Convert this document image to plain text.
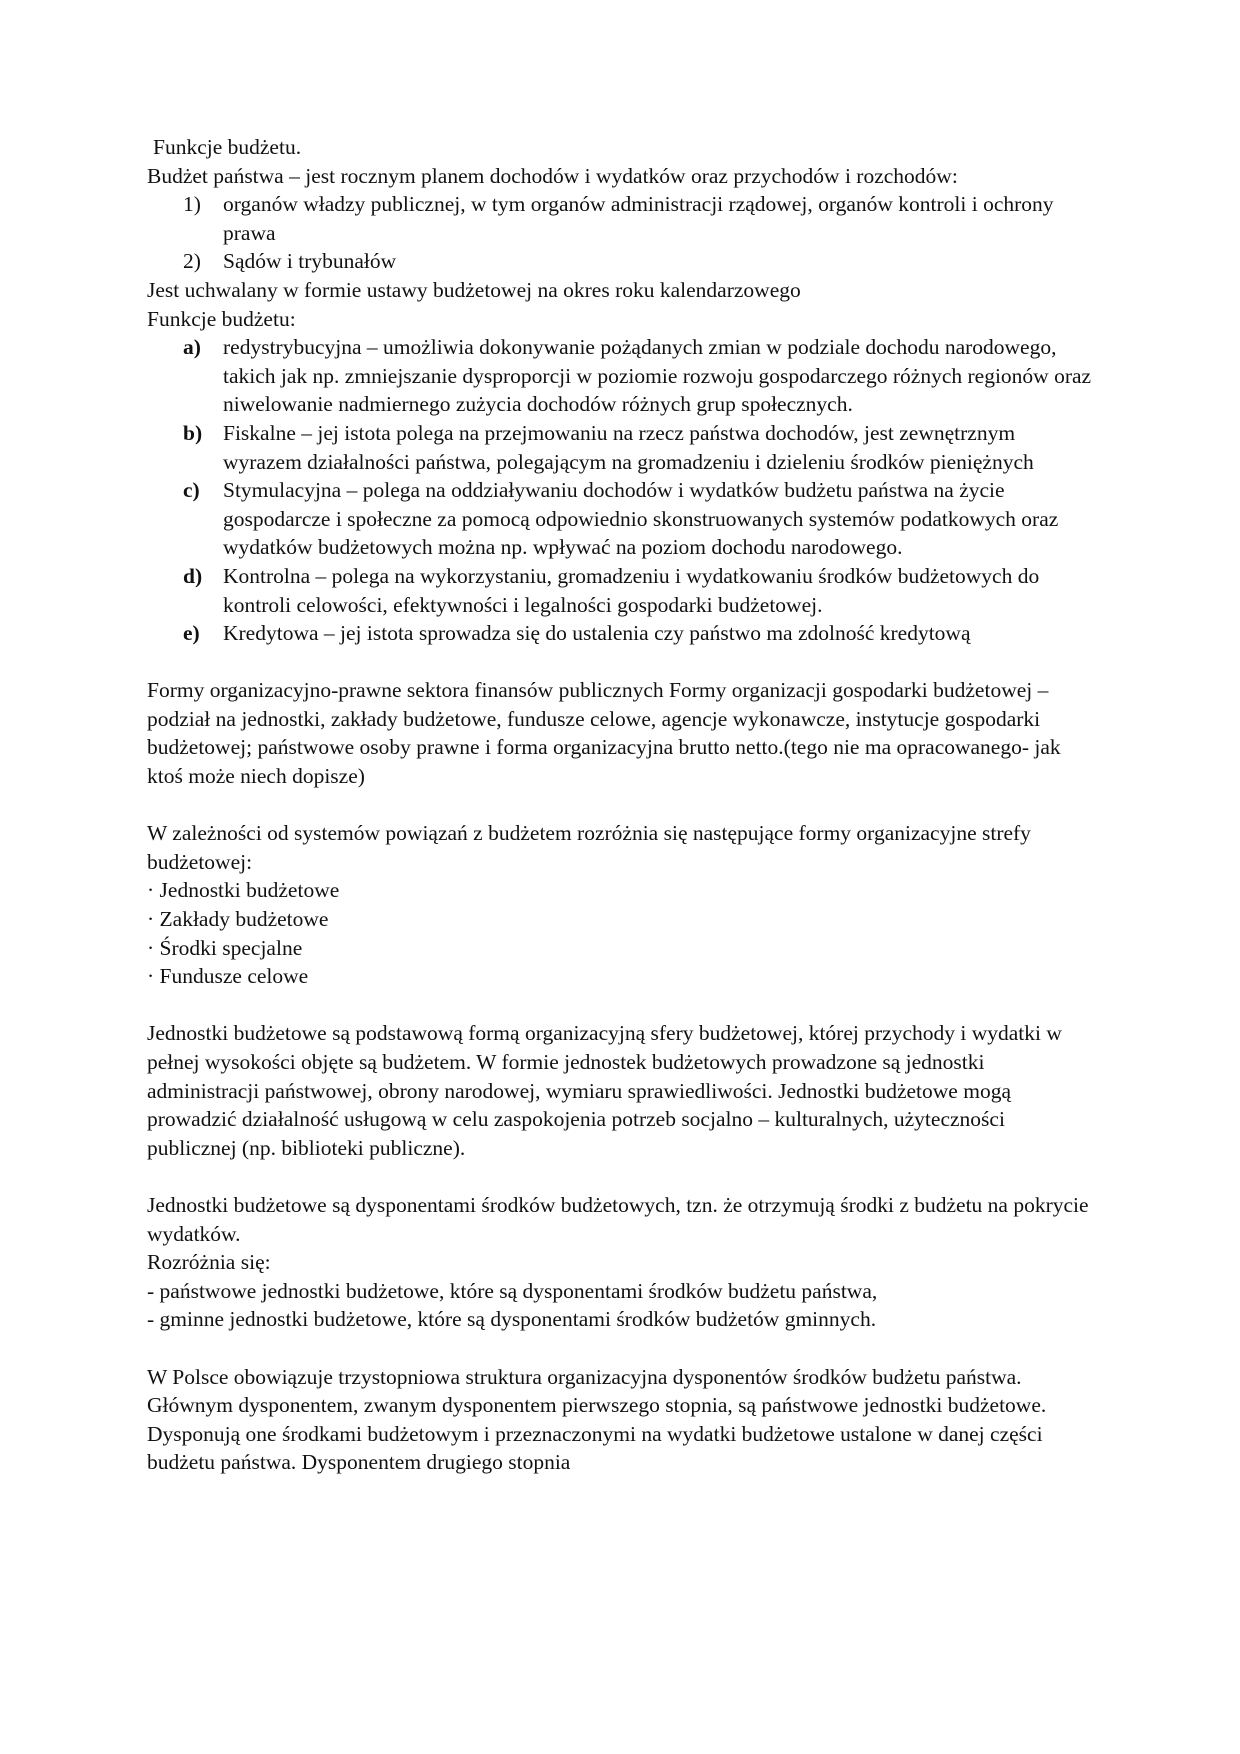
Funkcje budżetu.

Budżet państwa – jest rocznym planem dochodów i wydatków oraz przychodów i rozchodów:

1) organów władzy publicznej, w tym organów administracji rządowej, organów kontroli i ochrony prawa
2) Sądów i trybunałów

Jest uchwalany w formie ustawy budżetowej na okres roku kalendarzowego

Funkcje budżetu:

a) redystrybucyjna – umożliwia dokonywanie pożądanych zmian w podziale dochodu narodowego, takich jak np. zmniejszanie dysproporcji w poziomie rozwoju gospodarczego różnych regionów oraz niwelowanie nadmiernego zużycia dochodów różnych grup społecznych.
b) Fiskalne – jej istota polega na przejmowaniu na rzecz państwa dochodów, jest zewnętrznym wyrazem działalności państwa, polegającym na gromadzeniu i dzieleniu środków pieniężnych
c) Stymulacyjna – polega na oddziaływaniu dochodów i wydatków budżetu państwa na życie gospodarcze i społeczne za pomocą odpowiednio skonstruowanych systemów podatkowych oraz wydatków budżetowych można np. wpływać na poziom dochodu narodowego.
d) Kontrolna – polega na wykorzystaniu, gromadzeniu i wydatkowaniu środków budżetowych do kontroli celowości, efektywności i legalności gospodarki budżetowej.
e) Kredytowa – jej istota sprowadza się do ustalenia czy państwo ma zdolność kredytową

Formy organizacyjno-prawne sektora finansów publicznych Formy organizacji gospodarki budżetowej – podział na jednostki, zakłady budżetowe, fundusze celowe, agencje wykonawcze, instytucje gospodarki budżetowej; państwowe osoby prawne i forma organizacyjna brutto netto.(tego nie ma opracowanego- jak ktoś może niech dopisze)

W zależności od systemów powiązań z budżetem rozróżnia się następujące formy organizacyjne strefy budżetowej:

· Jednostki budżetowe

· Zakłady budżetowe

· Środki specjalne

· Fundusze celowe

Jednostki budżetowe są podstawową formą organizacyjną sfery budżetowej, której przychody i wydatki w pełnej wysokości objęte są budżetem. W formie jednostek budżetowych prowadzone są jednostki administracji państwowej, obrony narodowej, wymiaru sprawiedliwości. Jednostki budżetowe mogą prowadzić działalność usługową w celu zaspokojenia potrzeb socjalno – kulturalnych, użyteczności publicznej (np. biblioteki publiczne).

Jednostki budżetowe są dysponentami środków budżetowych, tzn. że otrzymują środki z budżetu na pokrycie wydatków.

Rozróżnia się:

- państwowe jednostki budżetowe, które są dysponentami środków budżetu państwa,

- gminne jednostki budżetowe, które są dysponentami środków budżetów gminnych.

W Polsce obowiązuje trzystopniowa struktura organizacyjna dysponentów środków budżetu państwa. Głównym dysponentem, zwanym dysponentem pierwszego stopnia, są państwowe jednostki budżetowe. Dysponują one środkami budżetowym i przeznaczonymi na wydatki budżetowe ustalone w danej części budżetu państwa. Dysponentem drugiego stopnia
